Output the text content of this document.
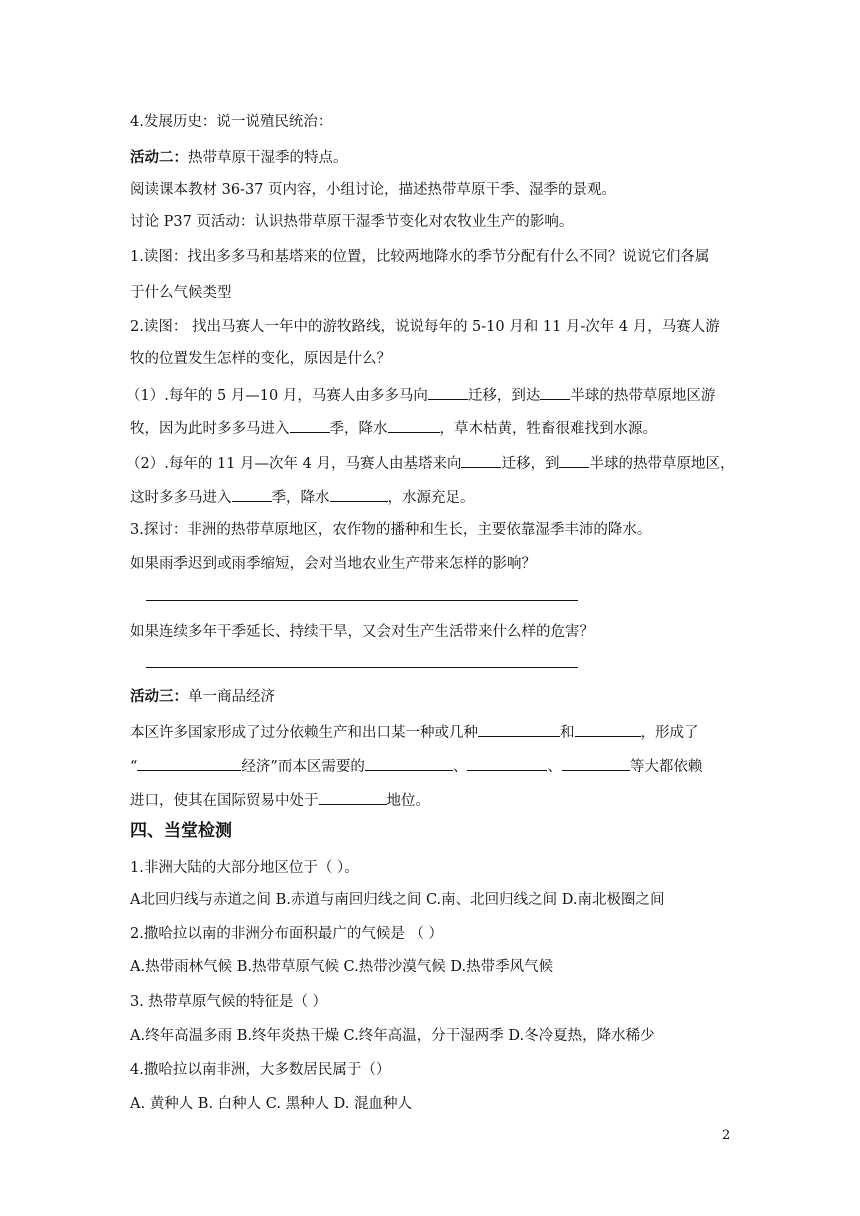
4.发展历史：说一说殖民统治：
活动二：热带草原干湿季的特点。
阅读课本教材 36-37 页内容，小组讨论，描述热带草原干季、湿季的景观。
讨论 P37 页活动：认识热带草原干湿季节变化对农牧业生产的影响。
1.读图：找出多多马和基塔来的位置，比较两地降水的季节分配有什么不同？说说它们各属
于什么气候类型
2.读图： 找出马赛人一年中的游牧路线，说说每年的 5-10 月和 11 月-次年 4 月，马赛人游
牧的位置发生怎样的变化，原因是什么？
（1）.每年的 5 月—10 月，马赛人由多多马向	迁移，到达 半球的热带草原地区游
牧，因为此时多多马进入	季，降水	，草木枯黄，牲畜很难找到水源。
（2）.每年的 11 月—次年 4 月，马赛人由基塔来向	迁移，到 半球的热带草原地区，
这时多多马进入	季，降水	，水源充足。
3.探讨：非洲的热带草原地区，农作物的播种和生长，主要依靠湿季丰沛的降水。
如果雨季迟到或雨季缩短，会对当地农业生产带来怎样的影响？
如果连续多年干季延长、持续干旱，又会对生产生活带来什么样的危害？
活动三：单一商品经济
本区许多国家形成了过分依赖生产和出口某一种或几种	和	，形成了
“	经济”而本区需要的	、	、	等大都依赖
进口，使其在国际贸易中处于	地位。
四、当堂检测
1.非洲大陆的大部分地区位于（ ）。
A北回归线与赤道之间 B.赤道与南回归线之间 C.南、北回归线之间 D.南北极圈之间
2.撒哈拉以南的非洲分布面积最广的气候是 （ ）
A.热带雨林气候 B.热带草原气候 C.热带沙漠气候 D.热带季风气候
3. 热带草原气候的特征是（ ）
A.终年高温多雨 B.终年炎热干燥 C.终年高温，分干湿两季 D.冬冷夏热，降水稀少
4.撒哈拉以南非洲，大多数居民属于（）
A. 黄种人 B. 白种人 C. 黑种人 D. 混血种人
2
